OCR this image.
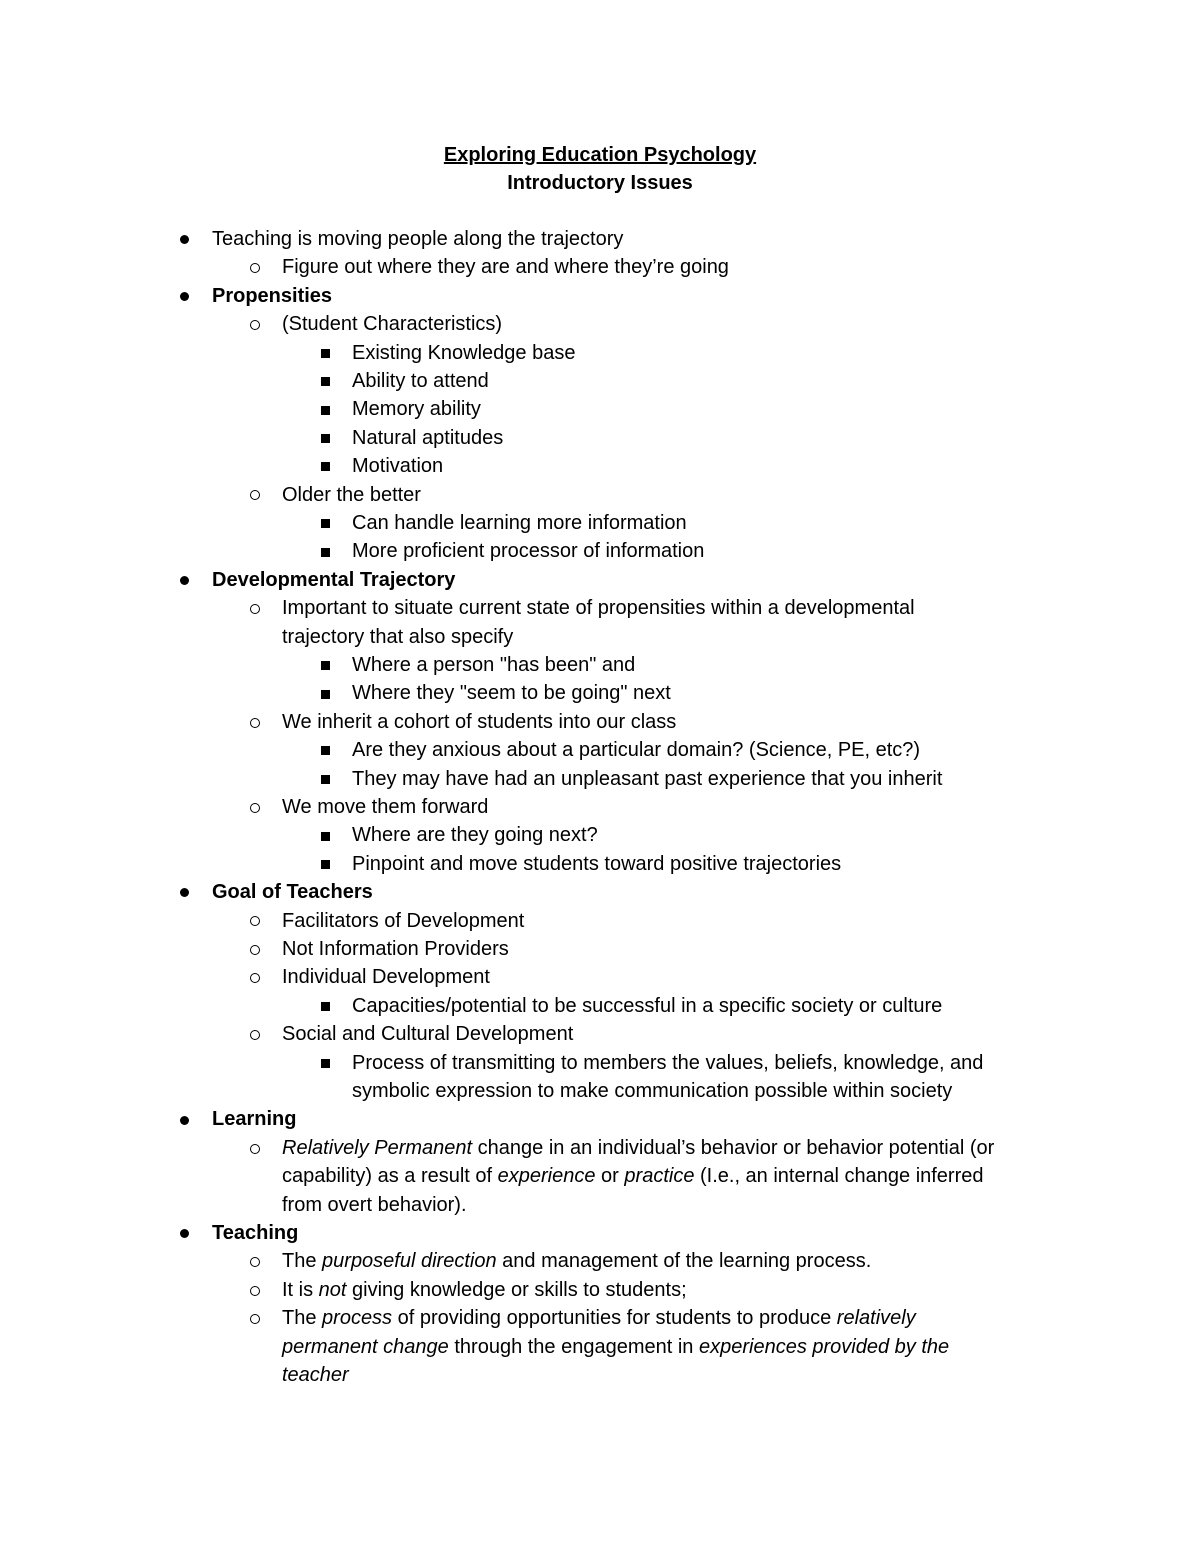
Exploring Education Psychology

Introductory Issues

Teaching is moving people along the trajectory
Figure out where they are and where they’re going
Propensities
(Student Characteristics)
Existing Knowledge base
Ability to attend
Memory ability
Natural aptitudes
Motivation
Older the better
Can handle learning more information
More proficient processor of information
Developmental Trajectory
Important to situate current state of propensities within a developmental
trajectory that also specify
Where a person "has been" and
Where they "seem to be going" next
We inherit a cohort of students into our class
Are they anxious about a particular domain? (Science, PE, etc?)
They may have had an unpleasant past experience that you inherit
We move them forward
Where are they going next?
Pinpoint and move students toward positive trajectories
Goal of Teachers
Facilitators of Development
Not Information Providers
Individual Development
Capacities/potential to be successful in a specific society or culture
Social and Cultural Development
Process of transmitting to members the values, beliefs, knowledge, and
symbolic expression to make communication possible within society
Learning
Relatively Permanent change in an individual’s behavior or behavior potential (or
capability) as a result of experience or practice (I.e., an internal change inferred
from overt behavior).
Teaching
The purposeful direction and management of the learning process.
It is not giving knowledge or skills to students;
The process of providing opportunities for students to produce relatively
permanent change through the engagement in experiences provided by the
teacher
